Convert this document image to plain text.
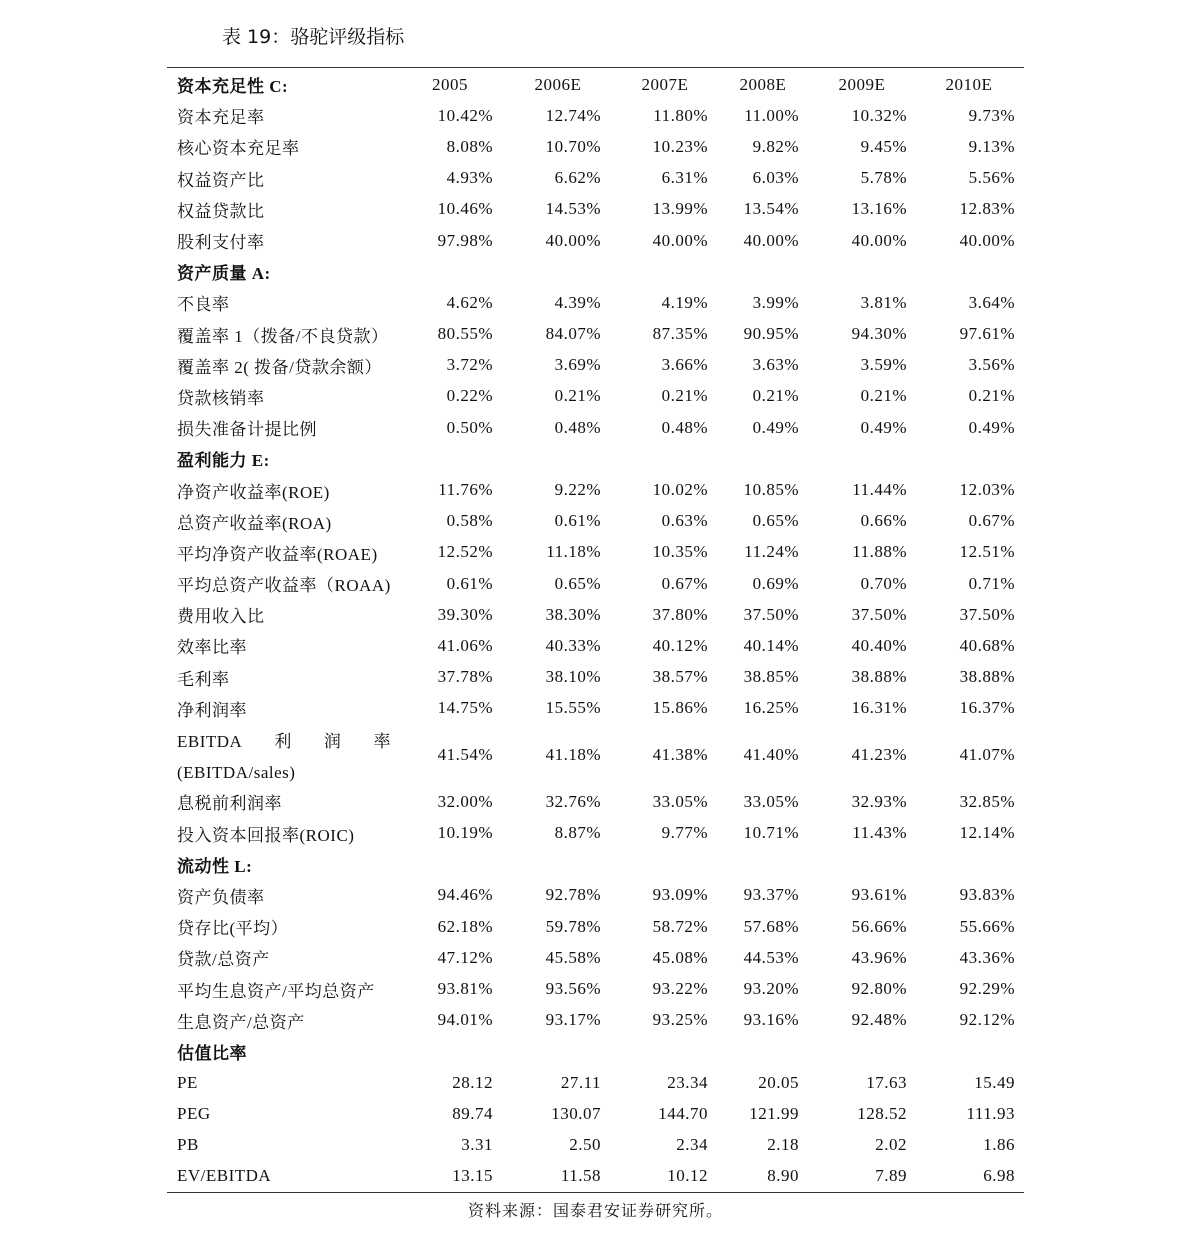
表 19：骆驼评级指标
资本充足性 C:	2005	2006E	2007E	2008E	2009E	2010E
资本充足率	10.42%	12.74%	11.80%	11.00%	10.32%	9.73%
核心资本充足率	8.08%	10.70%	10.23%	9.82%	9.45%	9.13%
权益资产比	4.93%	6.62%	6.31%	6.03%	5.78%	5.56%
权益贷款比	10.46%	14.53%	13.99%	13.54%	13.16%	12.83%
股利支付率	97.98%	40.00%	40.00%	40.00%	40.00%	40.00%
资产质量 A:
不良率	4.62%	4.39%	4.19%	3.99%	3.81%	3.64%
覆盖率 1（拨备/不良贷款）	80.55%	84.07%	87.35%	90.95%	94.30%	97.61%
覆盖率 2( 拨备/贷款余额）	3.72%	3.69%	3.66%	3.63%	3.59%	3.56%
贷款核销率	0.22%	0.21%	0.21%	0.21%	0.21%	0.21%
损失准备计提比例	0.50%	0.48%	0.48%	0.49%	0.49%	0.49%
盈利能力 E:
净资产收益率(ROE)	11.76%	9.22%	10.02%	10.85%	11.44%	12.03%
总资产收益率(ROA)	0.58%	0.61%	0.63%	0.65%	0.66%	0.67%
平均净资产收益率(ROAE)	12.52%	11.18%	10.35%	11.24%	11.88%	12.51%
平均总资产收益率（ROAA)	0.61%	0.65%	0.67%	0.69%	0.70%	0.71%
费用收入比	39.30%	38.30%	37.80%	37.50%	37.50%	37.50%
效率比率	41.06%	40.33%	40.12%	40.14%	40.40%	40.68%
毛利率	37.78%	38.10%	38.57%	38.85%	38.88%	38.88%
净利润率	14.75%	15.55%	15.86%	16.25%	16.31%	16.37%
EBITDA 利 润 率
(EBITDA/sales)
41.54%	41.18%	41.38%	41.40%	41.23%	41.07%
息税前利润率	32.00%	32.76%	33.05%	33.05%	32.93%	32.85%
投入资本回报率(ROIC)	10.19%	8.87%	9.77%	10.71%	11.43%	12.14%
流动性 L:
资产负债率	94.46%	92.78%	93.09%	93.37%	93.61%	93.83%
贷存比(平均）	62.18%	59.78%	58.72%	57.68%	56.66%	55.66%
贷款/总资产	47.12%	45.58%	45.08%	44.53%	43.96%	43.36%
平均生息资产/平均总资产	93.81%	93.56%	93.22%	93.20%	92.80%	92.29%
生息资产/总资产	94.01%	93.17%	93.25%	93.16%	92.48%	92.12%
估值比率
PE	28.12	27.11	23.34	20.05	17.63	15.49
PEG	89.74	130.07	144.70	121.99	128.52	111.93
PB	3.31	2.50	2.34	2.18	2.02	1.86
EV/EBITDA	13.15	11.58	10.12	8.90	7.89	6.98
资料来源：国泰君安证券研究所。
